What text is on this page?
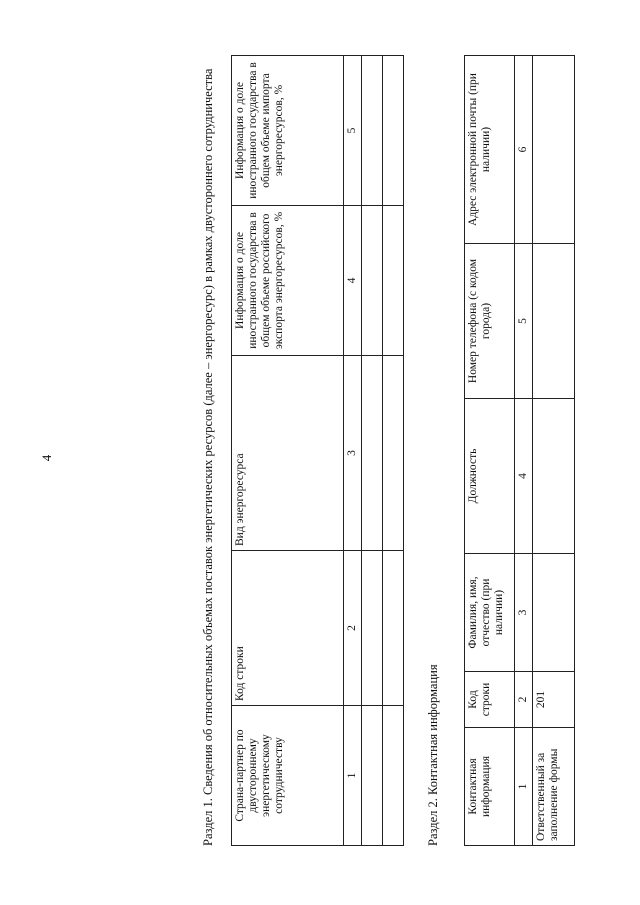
4	Раздел 1. Сведения об относительных объемах поставок энергетических ресурсов (далее – энергоресурс) в рамках двустороннего сотрудничества Страна-партнер по двустороннему энергетическому сотрудничеству	Код строки	Вид энергоресурса	Информация о доле иностранного государства в общем объеме российского экспорта энергоресурсов, %	Информация о доле иностранного государства в общем объеме импорта энергоресурсов, %
1	2	3	4	5

Раздел 2. Контактная информация Контактная информация	Код строки	Фамилия, имя, отчество (при наличии)	Должность	Номер телефона (с кодом города)	Адрес электронной почты (при наличии)
1	2	3	4	5	6
Ответственный за заполнение формы	201				
